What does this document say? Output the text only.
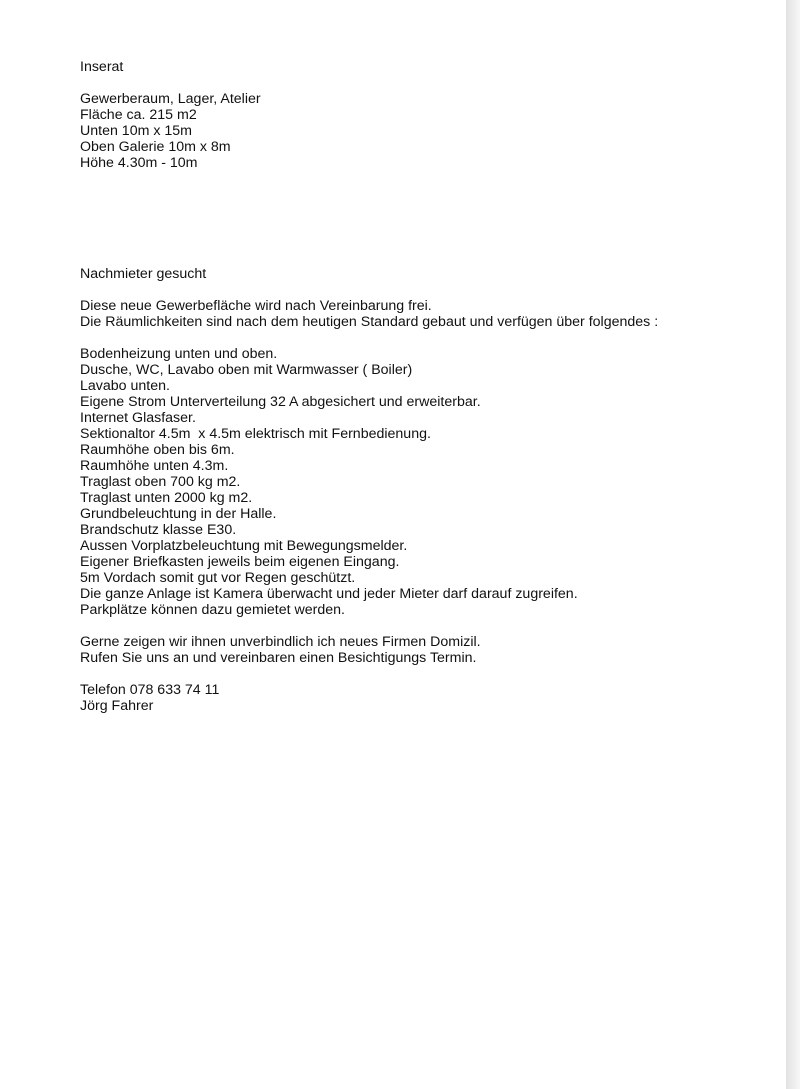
Inserat
Gewerberaum, Lager, Atelier
Fläche ca. 215 m2
Unten 10m x 15m
Oben Galerie 10m x 8m
Höhe 4.30m - 10m
Nachmieter gesucht
Diese neue Gewerbefläche wird nach Vereinbarung frei.
Die Räumlichkeiten sind nach dem heutigen Standard gebaut und verfügen über folgendes :
Bodenheizung unten und oben.
Dusche, WC, Lavabo oben mit Warmwasser ( Boiler)
Lavabo unten.
Eigene Strom Unterverteilung 32 A abgesichert und erweiterbar.
Internet Glasfaser.
Sektionaltor 4.5m  x 4.5m elektrisch mit Fernbedienung.
Raumhöhe oben bis 6m.
Raumhöhe unten 4.3m.
Traglast oben 700 kg m2.
Traglast unten 2000 kg m2.
Grundbeleuchtung in der Halle.
Brandschutz klasse E30.
Aussen Vorplatzbeleuchtung mit Bewegungsmelder.
Eigener Briefkasten jeweils beim eigenen Eingang.
5m Vordach somit gut vor Regen geschützt.
Die ganze Anlage ist Kamera überwacht und jeder Mieter darf darauf zugreifen.
Parkplätze können dazu gemietet werden.
Gerne zeigen wir ihnen unverbindlich ich neues Firmen Domizil.
Rufen Sie uns an und vereinbaren einen Besichtigungs Termin.
Telefon 078 633 74 11
Jörg Fahrer
